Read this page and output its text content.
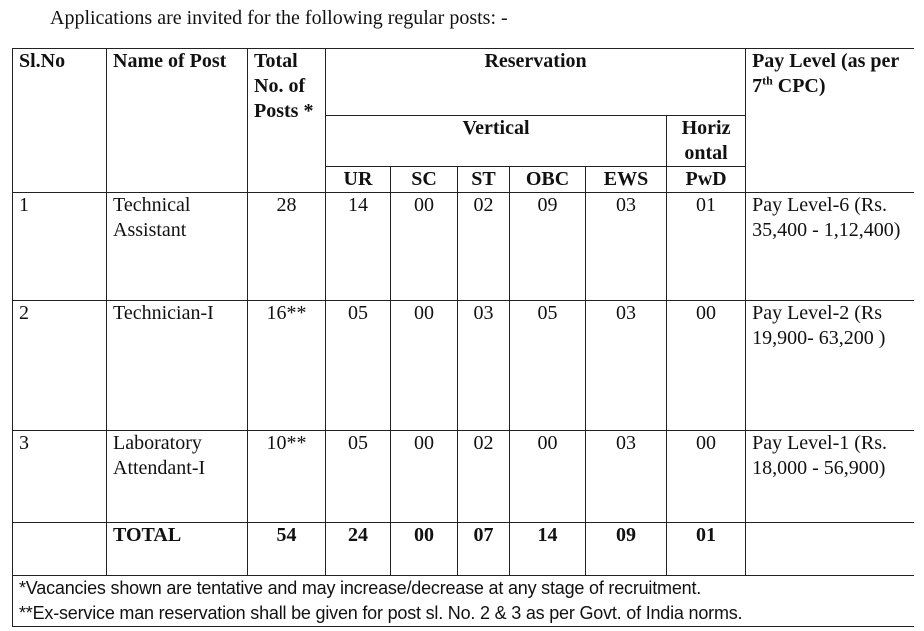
Applications are invited for the following regular posts: -
Sl.No	Name of Post	Total No. of Posts *	Reservation						Pay Level (as per 7th CPC)
			Vertical					Horiz ontal	
			UR	SC	ST	OBC	EWS	PwD	
1	Technical Assistant	28	14	00	02	09	03	01	Pay Level-6 (Rs. 35,400 - 1,12,400)
2	Technician-I	16**	05	00	03	05	03	00	Pay Level-2 (Rs 19,900- 63,200 )
3	Laboratory Attendant-I	10**	05	00	02	00	03	00	Pay Level-1 (Rs. 18,000 - 56,900)
	TOTAL	54	24	00	07	14	09	01	

*Vacancies shown are tentative and may increase/decrease at any stage of recruitment.
**Ex-service man reservation shall be given for post sl. No. 2 & 3 as per Govt. of India norms.									
